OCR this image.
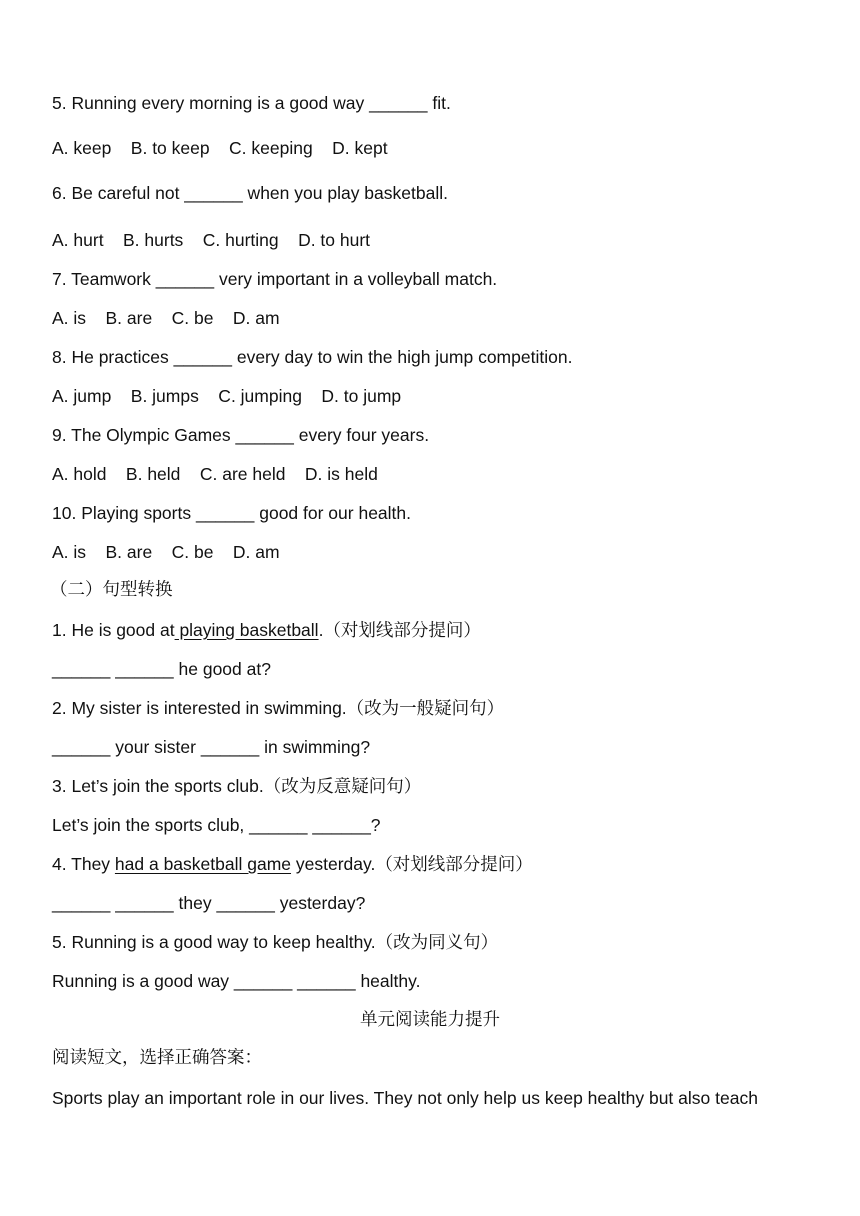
5. Running every morning is a good way ______ fit.
A. keep    B. to keep    C. keeping    D. kept
6. Be careful not ______ when you play basketball.
A. hurt    B. hurts    C. hurting    D. to hurt
7. Teamwork ______ very important in a volleyball match.
A. is    B. are    C. be    D. am
8. He practices ______ every day to win the high jump competition.
A. jump    B. jumps    C. jumping    D. to jump
9. The Olympic Games ______ every four years.
A. hold    B. held    C. are held    D. is held
10. Playing sports ______ good for our health.
A. is    B. are    C. be    D. am
（二）句型转换
1. He is good at playing basketball.（对划线部分提问）
______ ______ he good at?
2. My sister is interested in swimming.（改为一般疑问句）
______ your sister ______ in swimming?
3. Let’s join the sports club.（改为反意疑问句）
Let’s join the sports club, ______ ______?
4. They had a basketball game yesterday.（对划线部分提问）
______ ______ they ______ yesterday?
5. Running is a good way to keep healthy.（改为同义句）
Running is a good way ______ ______ healthy.
单元阅读能力提升
阅读短文，选择正确答案：
Sports play an important role in our lives. They not only help us keep healthy but also teach
